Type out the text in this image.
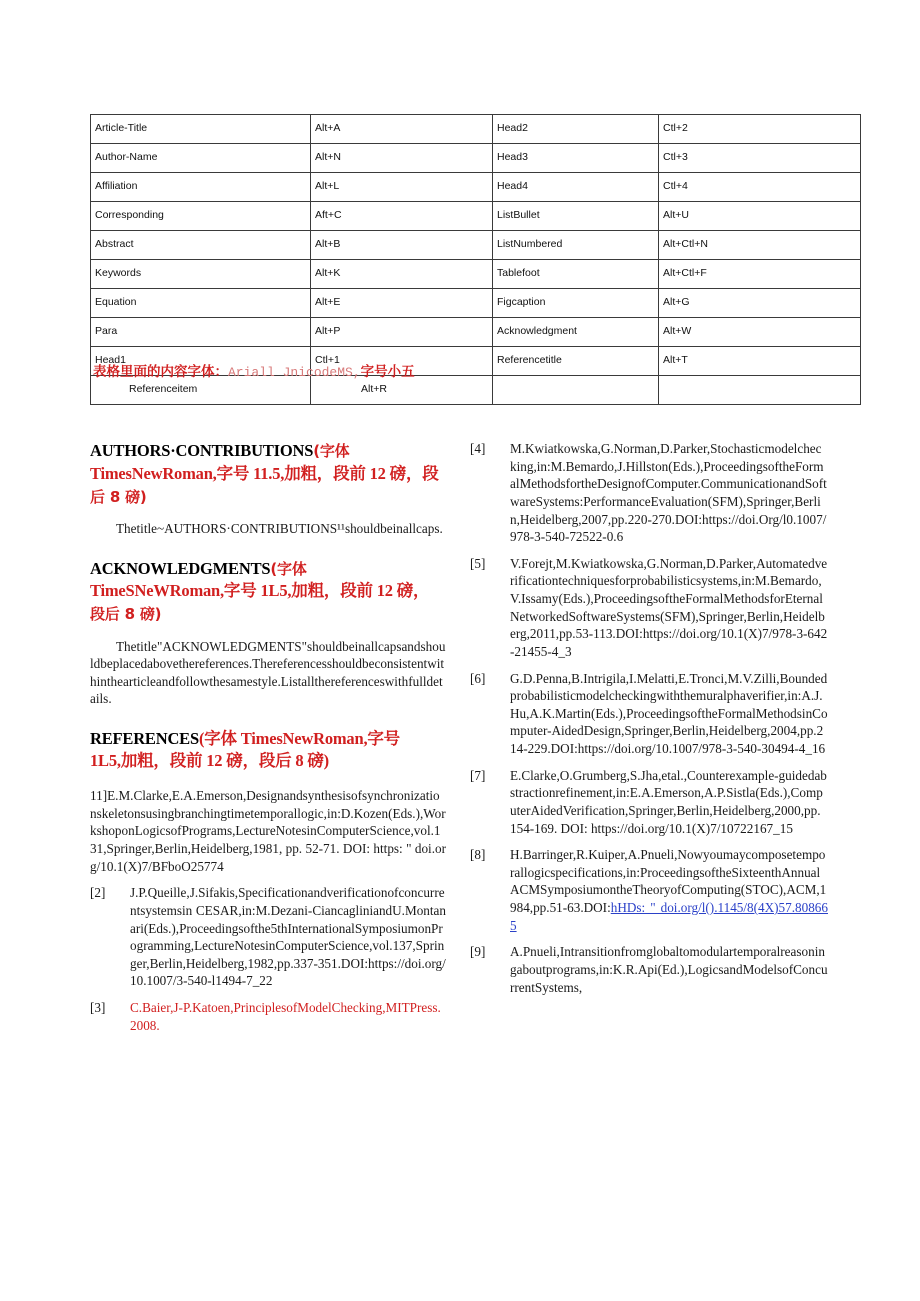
Article-Title	Alt+A	Head2	Ctl+2
Author-Name	Alt+N	Head3	Ctl+3
Affiliation	Alt+L	Head4	Ctl+4
Corresponding	Aft+C	ListBullet	Alt+U
Abstract	Alt+B	ListNumbered	Alt+Ctl+N
Keywords	Alt+K	Tablefoot	Alt+Ctl+F
Equation	Alt+E	Figcaption	Alt+G
Para	Alt+P	Acknowledgment	Alt+W
Head1	Ctl+1	Referencetitle	Alt+T
Referenceitem	Alt+R		
表格里面的内容字体：Ariall JnicodeMS,字号小五
AUTHORS·CONTRIBUTIONS(字体
TimesNewRoman,字号 11.5,加粗，段前 12 磅，段
后 8 磅)

Thetitle~AUTHORS·CONTRIBUTIONS¹¹shouldbeinallcaps.

ACKNOWLEDGMENTS(字体
TimeSNeWRoman,字号 1L5,加粗，段前 12 磅，
段后 8 磅)

Thetitle"ACKNOWLEDGMENTS"shouldbeinallcapsandshouldbeplacedabovethereferences.Thereferencesshouldbeconsistentwithinthearticleandfollowthesamestyle.Listallthereferenceswithfulldetails.

REFERENCES(字体 TimesNewRoman,字号
1L5,加粗，段前 12 磅，段后 8 磅)
11]E.M.Clarke,E.A.Emerson,Designandsynthesisofsynchronizationskeletonsusingbranchingtimetemporallogic,in:D.Kozen(Eds.),WorkshoponLogicsofPrograms,LectureNotesinComputerScience,vol.131,Springer,Berlin,Heidelberg,1981, pp. 52-71. DOI: https: " doi.org/10.1(X)7/BFboO25774
[2]	J.P.Queille,J.Sifakis,Specificationandverificationofconcurrentsystemsin CESAR,in:M.Dezani-CiancagliniandU.Montanari(Eds.),Proceedingsofthe5thInternationalSymposiumonProgramming,LectureNotesinComputerScience,vol.137,Springer,Berlin,Heidelberg,1982,pp.337-351.DOI:https://doi.org/10.1007/3-540-l1494-7_22
[3]	C.Baier,J-P.Katoen,PrinciplesofModelChecking,MITPress.2008.
[4]	M.Kwiatkowska,G.Norman,D.Parker,Stochasticmodelchecking,in:M.Bemardo,J.Hillston(Eds.),ProceedingsoftheFormalMethodsfortheDesignofComputer.CommunicationandSoftwareSystems:PerformanceEvaluation(SFM),Springer,Berlin,Heidelberg,2007,pp.220-270.DOI:https://doi.Org/l0.1007/978-3-540-72522-0.6
[5]	V.Forejt,M.Kwiatkowska,G.Norman,D.Parker,Automatedverificationtechniquesforprobabilisticsystems,in:M.Bemardo,V.Issamy(Eds.),ProceedingsoftheFormalMethodsforEternalNetworkedSoftwareSystems(SFM),Springer,Berlin,Heidelberg,2011,pp.53-113.DOI:https://doi.org/10.1(X)7/978-3-642-21455-4_3
[6]	G.D.Penna,B.Intrigila,I.Melatti,E.Tronci,M.V.Zilli,Boundedprobabilisticmodelcheckingwiththemuralphaverifier,in:A.J.Hu,A.K.Martin(Eds.),ProceedingsoftheFormalMethodsinComputer-AidedDesign,Springer,Berlin,Heidelberg,2004,pp.214-229.DOI:https://doi.org/10.1007/978-3-540-30494-4_16
[7]	E.Clarke,O.Grumberg,S.Jha,etal.,Counterexample-guidedabstractionrefinement,in:E.A.Emerson,A.P.Sistla(Eds.),ComputerAidedVerification,Springer,Berlin,Heidelberg,2000,pp. 154-169. DOI: https://doi.org/10.1(X)7/10722167_15
[8]	H.Barringer,R.Kuiper,A.Pnueli,Nowyoumaycomposetemporallogicspecifications,in:ProceedingsoftheSixteenthAnnualACMSymposiumontheTheoryofComputing(STOC),ACM,1984,pp.51-63.DOI:hHDs: " doi.org/l().1145/8(4X)57.808665
[9]	A.Pnueli,Intransitionfromglobaltomodulartemporalreasoningaboutprograms,in:K.R.Api(Ed.),LogicsandModelsofConcurrentSystems,
